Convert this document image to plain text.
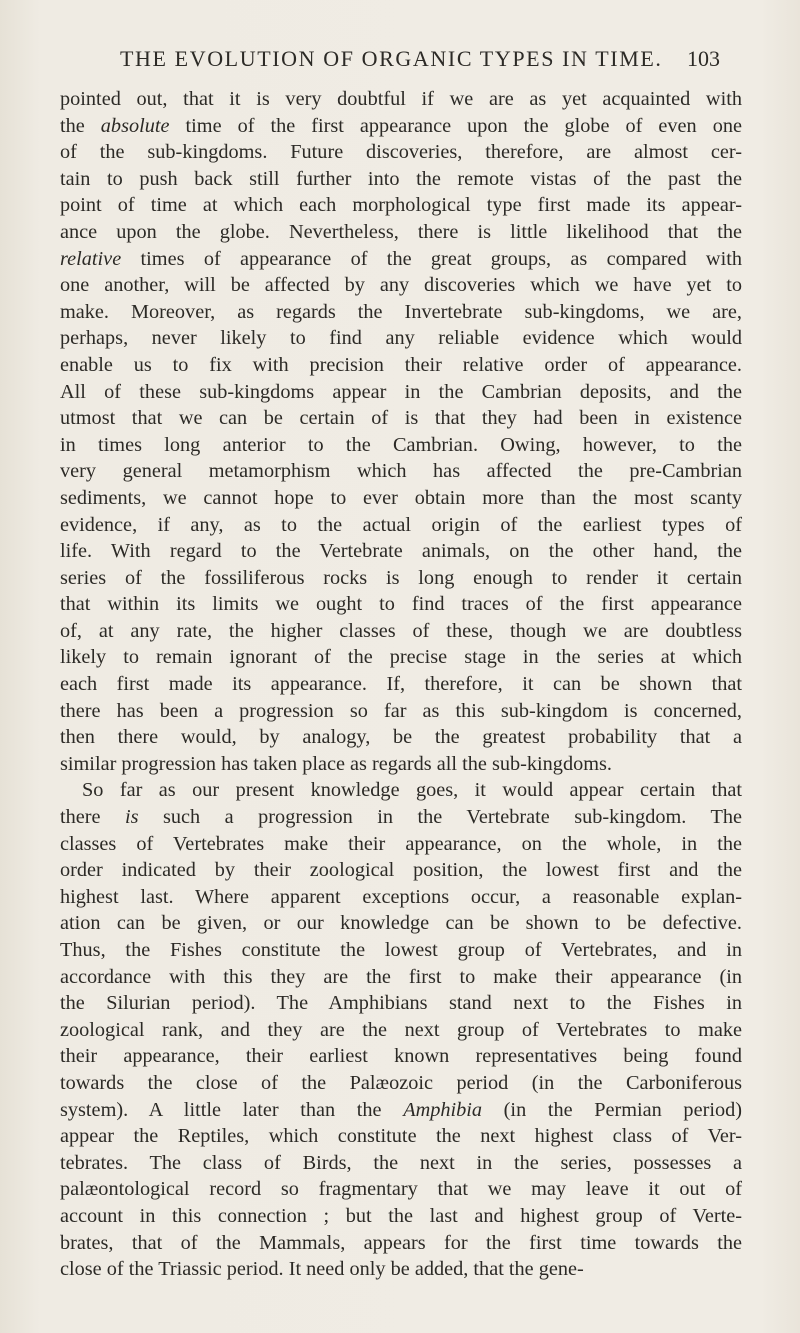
THE EVOLUTION OF ORGANIC TYPES IN TIME. 103
pointed out, that it is very doubtful if we are as yet acquainted with
the absolute time of the first appearance upon the globe of even one
of the sub-kingdoms. Future discoveries, therefore, are almost cer-
tain to push back still further into the remote vistas of the past the
point of time at which each morphological type first made its appear-
ance upon the globe. Nevertheless, there is little likelihood that the
relative times of appearance of the great groups, as compared with
one another, will be affected by any discoveries which we have yet to
make. Moreover, as regards the Invertebrate sub-kingdoms, we are,
perhaps, never likely to find any reliable evidence which would
enable us to fix with precision their relative order of appearance.
All of these sub-kingdoms appear in the Cambrian deposits, and the
utmost that we can be certain of is that they had been in existence
in times long anterior to the Cambrian. Owing, however, to the
very general metamorphism which has affected the pre-Cambrian
sediments, we cannot hope to ever obtain more than the most scanty
evidence, if any, as to the actual origin of the earliest types of
life. With regard to the Vertebrate animals, on the other hand, the
series of the fossiliferous rocks is long enough to render it certain
that within its limits we ought to find traces of the first appearance
of, at any rate, the higher classes of these, though we are doubtless
likely to remain ignorant of the precise stage in the series at which
each first made its appearance. If, therefore, it can be shown that
there has been a progression so far as this sub-kingdom is concerned,
then there would, by analogy, be the greatest probability that a
similar progression has taken place as regards all the sub-kingdoms.
So far as our present knowledge goes, it would appear certain that
there is such a progression in the Vertebrate sub-kingdom. The
classes of Vertebrates make their appearance, on the whole, in the
order indicated by their zoological position, the lowest first and the
highest last. Where apparent exceptions occur, a reasonable explan-
ation can be given, or our knowledge can be shown to be defective.
Thus, the Fishes constitute the lowest group of Vertebrates, and in
accordance with this they are the first to make their appearance (in
the Silurian period). The Amphibians stand next to the Fishes in
zoological rank, and they are the next group of Vertebrates to make
their appearance, their earliest known representatives being found
towards the close of the Palæozoic period (in the Carboniferous
system). A little later than the Amphibia (in the Permian period)
appear the Reptiles, which constitute the next highest class of Ver-
tebrates. The class of Birds, the next in the series, possesses a
palæontological record so fragmentary that we may leave it out of
account in this connection ; but the last and highest group of Verte-
brates, that of the Mammals, appears for the first time towards the
close of the Triassic period. It need only be added, that the gene-
